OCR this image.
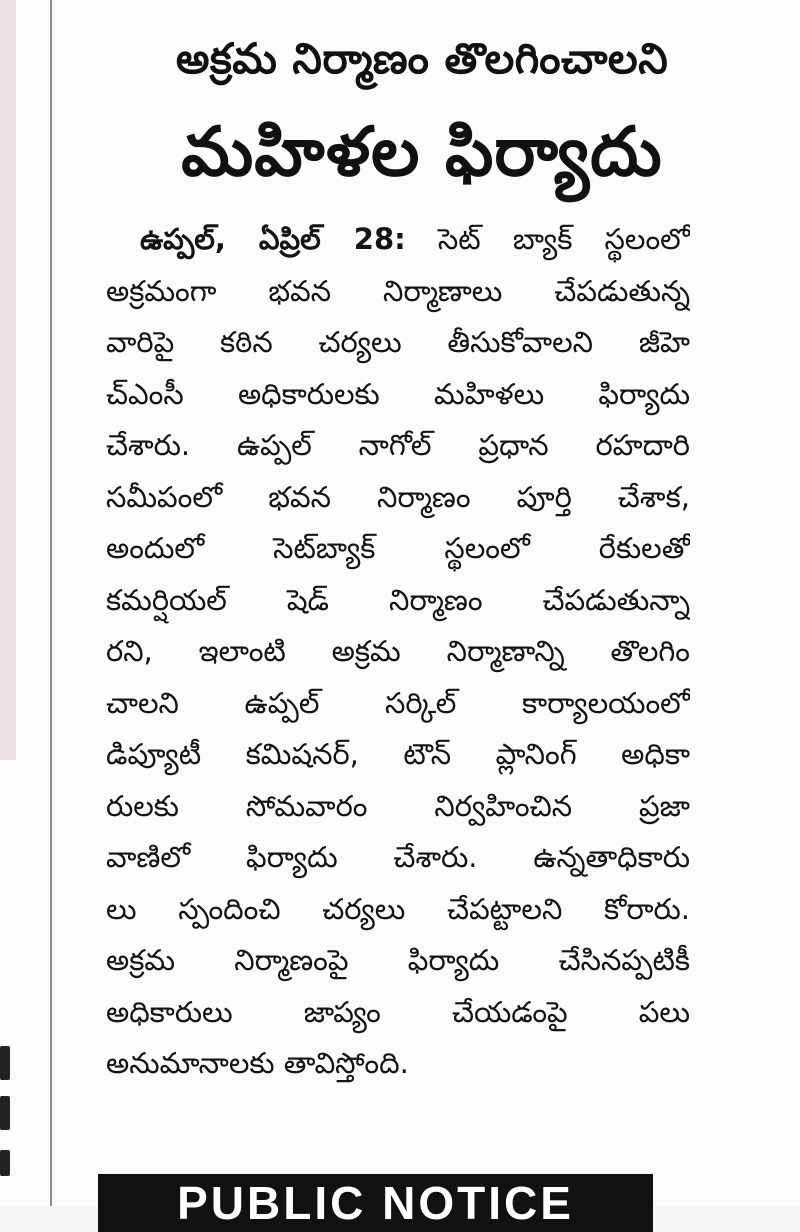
అక్రమ నిర్మాణం తొలగించాలని
మహిళల ఫిర్యాదు
ఉప్పల్, ఏప్రిల్ 28: సెట్ బ్యాక్ స్థలంలో
అక్రమంగా భవన నిర్మాణాలు చేపడుతున్న
వారిపై కఠిన చర్యలు తీసుకోవాలని జీహె
చ్ఎంసీ అధికారులకు మహిళలు ఫిర్యాదు
చేశారు. ఉప్పల్ నాగోల్ ప్రధాన రహదారి
సమీపంలో భవన నిర్మాణం పూర్తి చేశాక,
అందులో సెట్‌బ్యాక్ స్థలంలో రేకులతో
కమర్షియల్ షెడ్ నిర్మాణం చేపడుతున్నా
రని, ఇలాంటి అక్రమ నిర్మాణాన్ని తొలగిం
చాలని ఉప్పల్ సర్కిల్ కార్యాలయంలో
డిప్యూటీ కమిషనర్, టౌన్ ప్లానింగ్ అధికా
రులకు సోమవారం నిర్వహించిన ప్రజా
వాణిలో ఫిర్యాదు చేశారు. ఉన్నతాధికారు
లు స్పందించి చర్యలు చేపట్టాలని కోరారు.
అక్రమ నిర్మాణంపై ఫిర్యాదు చేసినప్పటికీ
అధికారులు జాప్యం చేయడంపై పలు
అనుమానాలకు తావిస్తోంది.
PUBLIC NOTICE
